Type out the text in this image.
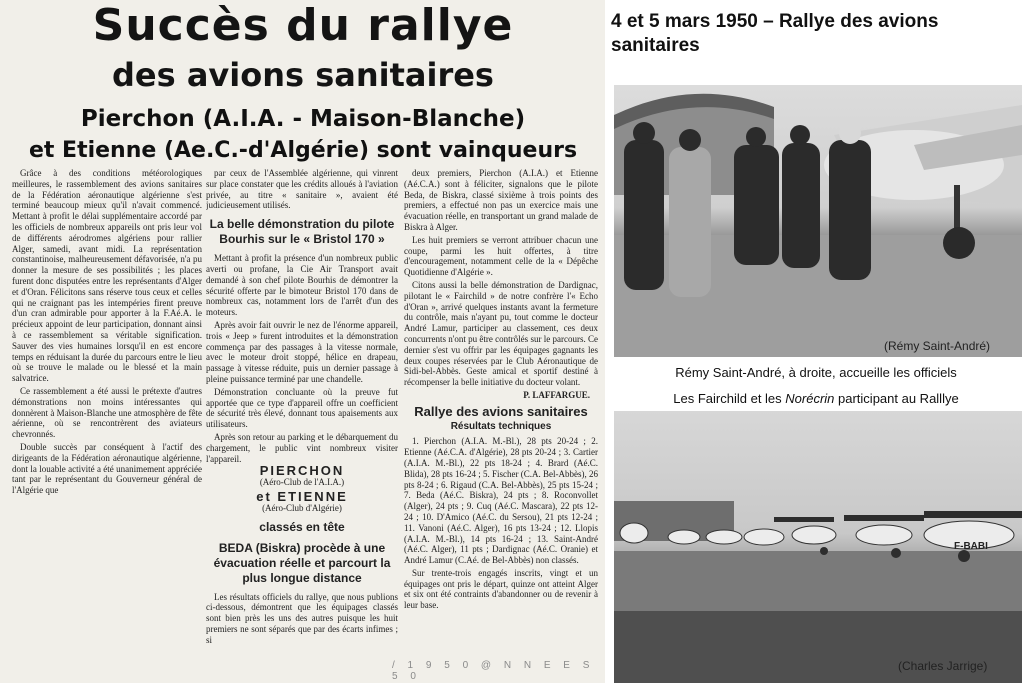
Succès du rallye
des avions sanitaires
Pierchon (A.I.A. - Maison-Blanche)
et Etienne (Ae.C.-d'Algérie) sont vainqueurs

Grâce à des conditions météorologiques meilleures, le rassemblement des avions sanitaires de la Fédération aéronautique algérienne s'est terminé beaucoup mieux qu'il n'avait commencé. Mettant à profit le délai supplémentaire accordé par les officiels de nombreux appareils ont pris leur vol de différents aérodromes algériens pour rallier Alger, samedi, avant midi. La représentation constantinoise, malheureusement défavorisée, n'a pu donner la mesure de ses possibilités ; les places furent donc disputées entre les représentants d'Alger et d'Oran. Félicitons sans réserve tous ceux et celles qui ne craignant pas les intempéries firent preuve d'un cran admirable pour apporter à la F.Aé.A. le précieux appoint de leur participation, donnant ainsi à ce rassemblement sa véritable signification. Sauver des vies humaines lorsqu'il en est encore temps en réduisant la durée du parcours entre le lieu où se trouve le malade ou le blessé et la main salvatrice.

Ce rassemblement a été aussi le prétexte d'autres démonstrations non moins intéressantes qui donnèrent à Maison-Blanche une atmosphère de fête aérienne, où se rencontrèrent des aviateurs chevronnés.

Double succès par conséquent à l'actif des dirigeants de la Fédération aéronautique algérienne, dont la louable activité a été unanimement appréciée tant par le représentant du Gouverneur général de l'Algérie que

par ceux de l'Assemblée algérienne, qui vinrent sur place constater que les crédits alloués à l'aviation privée, au titre « sanitaire », avaient été judicieusement utilisés.

La belle démonstration du pilote Bourhis sur le « Bristol 170 »

Mettant à profit la présence d'un nombreux public averti ou profane, la Cie Air Transport avait demandé à son chef pilote Bourhis de démontrer la sécurité offerte par le bimoteur Bristol 170 dans de nombreux cas, notamment lors de l'arrêt d'un des moteurs.

Après avoir fait ouvrir le nez de l'énorme appareil, trois « Jeep » furent introduites et la démonstration commença par des passages à la vitesse normale, avec le moteur droit stoppé, hélice en drapeau, passage à vitesse réduite, puis un dernier passage à pleine puissance terminé par une chandelle.

Démonstration concluante où la preuve fut apportée que ce type d'appareil offre un coefficient de sécurité très élevé, donnant tous apaisements aux utilisateurs.

Après son retour au parking et le débarquement du chargement, le public vint nombreux visiter l'appareil.

PIERCHON
(Aéro-Club de l'A.I.A.)
et ETIENNE
(Aéro-Club d'Algérie)
classés en tête
BEDA (Biskra) procède à une évacuation réelle et parcourt la plus longue distance

Les résultats officiels du rallye, que nous publions ci-dessous, démontrent que les équipages classés sont bien près les uns des autres puisque les huit premiers ne sont séparés que par des écarts infimes ; si

deux premiers, Pierchon (A.I.A.) et Etienne (Aé.C.A.) sont à féliciter, signalons que le pilote Beda, de Biskra, classé sixième à trois points des premiers, a effectué non pas un exercice mais une évacuation réelle, en transportant un grand malade de Biskra à Alger.

Les huit premiers se verront attribuer chacun une coupe, parmi les huit offertes, à titre d'encouragement, notamment celle de la « Dépêche Quotidienne d'Algérie ».

Citons aussi la belle démonstration de Dardignac, pilotant le « Fairchild » de notre confrère l'« Echo d'Oran », arrivé quelques instants avant la fermeture du contrôle, mais n'ayant pu, tout comme le docteur André Lamur, participer au classement, ces deux concurrents n'ont pu être contrôlés sur le parcours. Ce dernier s'est vu offrir par les équipages gagnants les deux coupes réservées par le Club Aéronautique de Sidi-bel-Abbès. Geste amical et sportif destiné à récompenser la belle initiative du docteur volant.

P. LAFFARGUE.
Rallye des avions sanitaires
Résultats techniques

1. Pierchon (A.I.A. M.-Bl.), 28 pts 20-24 ; 2. Etienne (Aé.C.A. d'Algérie), 28 pts 20-24 ; 3. Cartier (A.I.A. M.-Bl.), 22 pts 18-24 ; 4. Brard (Aé.C. Blida), 28 pts 16-24 ; 5. Fischer (C.A. Bel-Abbès), 26 pts 8-24 ; 6. Rigaud (C.A. Bel-Abbès), 25 pts 15-24 ; 7. Beda (Aé.C. Biskra), 24 pts ; 8. Roconvollet (Alger), 24 pts ; 9. Cuq (Aé.C. Mascara), 22 pts 12-24 ; 10. D'Amico (Aé.C. du Sersou), 21 pts 12-24 ; 11. Vanoni (Aé.C. Alger), 16 pts 13-24 ; 12. Llopis (A.I.A. M.-Bl.), 14 pts 16-24 ; 13. Saint-André (Aé.C. Alger), 11 pts ; Dardignac (Aé.C. Oranie) et André Lamur (C.Aé. de Bel-Abbès) non classés.

Sur trente-trois engagés inscrits, vingt et un équipages ont pris le départ, quinze ont atteint Alger et six ont été contraints d'abandonner ou de revenir à leur base.

/ 1 9 5 0 @ N N E E S 5 0
4 et 5 mars 1950 – Rallye des avions sanitaires
(Rémy Saint-André)
Rémy Saint-André, à droite, accueille les officiels
Les Fairchild et les Norécrin participant au Ralllye
F-BABI
(Charles Jarrige)
